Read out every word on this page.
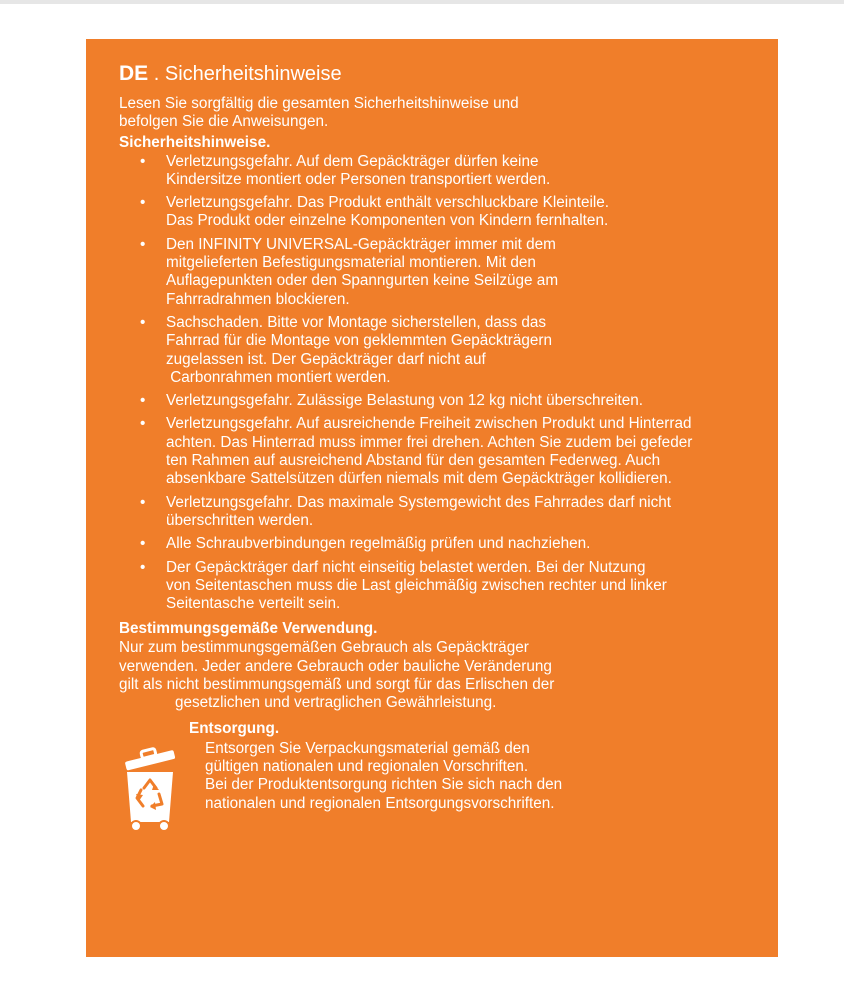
DE . Sicherheitshinweise
Lesen Sie sorgfältig die gesamten Sicherheitshinweise und
befolgen Sie die Anweisungen.
Sicherheitshinweise.
• Verletzungsgefahr. Auf dem Gepäckträger dürfen keine
Kindersitze montiert oder Personen transportiert werden.
• Verletzungsgefahr. Das Produkt enthält verschluckbare Kleinteile.
Das Produkt oder einzelne Komponenten von Kindern fernhalten.
• Den INFINITY UNIVERSAL-Gepäckträger immer mit dem
mitgelieferten Befestigungsmaterial montieren. Mit den
Auflagepunkten oder den Spanngurten keine Seilzüge am
Fahrradrahmen blockieren.
• Sachschaden. Bitte vor Montage sicherstellen, dass das
Fahrrad für die Montage von geklemmten Gepäckträgern
zugelassen ist. Der Gepäckträger darf nicht auf
Carbonrahmen montiert werden.
• Verletzungsgefahr. Zulässige Belastung von 12 kg nicht überschreiten.
• Verletzungsgefahr. Auf ausreichende Freiheit zwischen Produkt und Hinterrad
achten. Das Hinterrad muss immer frei drehen. Achten Sie zudem bei gefeder
ten Rahmen auf ausreichend Abstand für den gesamten Federweg. Auch
absenkbare Sattelsützen dürfen niemals mit dem Gepäckträger kollidieren.
• Verletzungsgefahr. Das maximale Systemgewicht des Fahrrades darf nicht
überschritten werden.
• Alle Schraubverbindungen regelmäßig prüfen und nachziehen.
• Der Gepäckträger darf nicht einseitig belastet werden. Bei der Nutzung
von Seitentaschen muss die Last gleichmäßig zwischen rechter und linker
Seitentasche verteilt sein.
Bestimmungsgemäße Verwendung.
Nur zum bestimmungsgemäßen Gebrauch als Gepäckträger
verwenden. Jeder andere Gebrauch oder bauliche Veränderung
gilt als nicht bestimmungsgemäß und sorgt für das Erlischen der
gesetzlichen und vertraglichen Gewährleistung.
Entsorgung.

Entsorgen Sie Verpackungsmaterial gemäß den

gültigen nationalen und regionalen Vorschriften.

Bei der Produktentsorgung richten Sie sich nach den

nationalen und regionalen Entsorgungsvorschriften.
